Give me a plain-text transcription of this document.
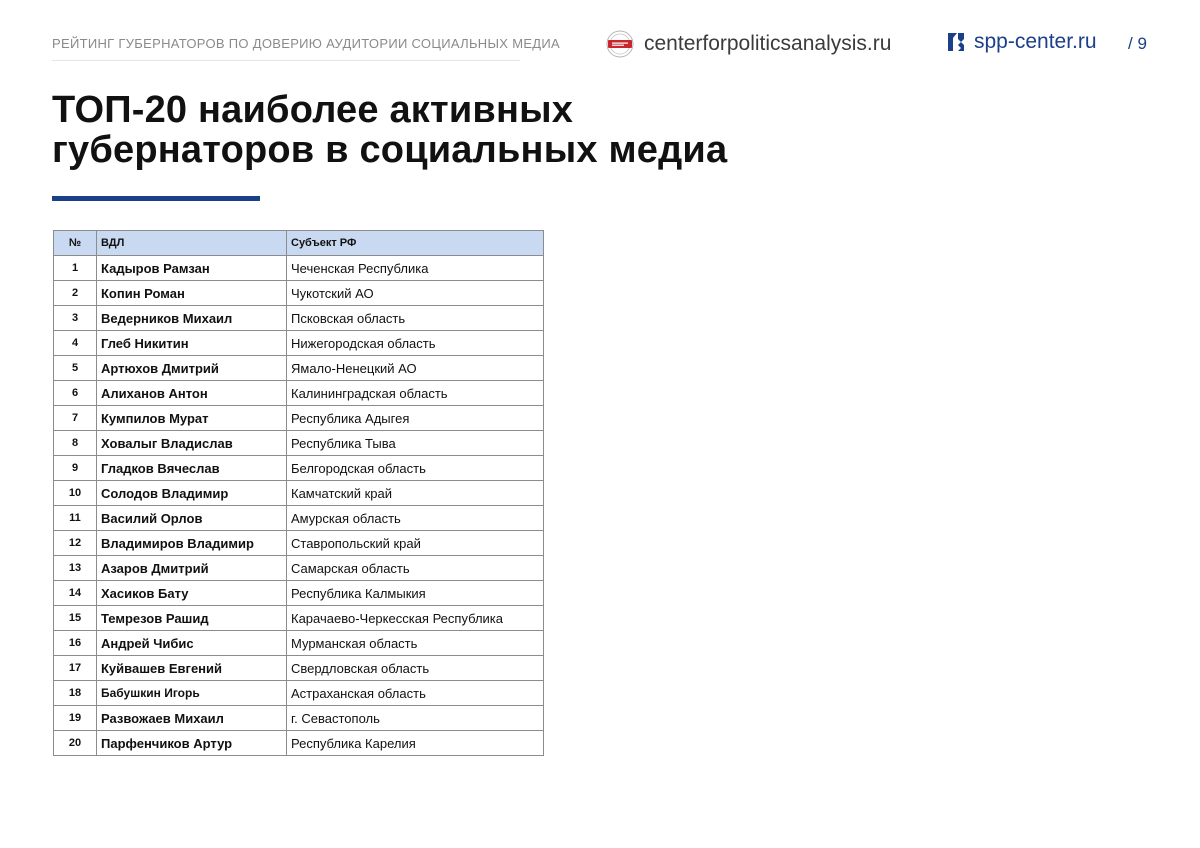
РЕЙТИНГ ГУБЕРНАТОРОВ ПО ДОВЕРИЮ АУДИТОРИИ СОЦИАЛЬНЫХ МЕДИА	centerforpoliticsanalysis.ru	spp-center.ru / 9
ТОП-20 наиболее активных
губернаторов в социальных медиа
№	ВДЛ	Субъект РФ
1	Кадыров Рамзан	Чеченская Республика
2	Копин Роман	Чукотский АО
3	Ведерников Михаил	Псковская область
4	Глеб Никитин	Нижегородская область
5	Артюхов Дмитрий	Ямало-Ненецкий АО
6	Алиханов Антон	Калининградская область
7	Кумпилов Мурат	Республика Адыгея
8	Ховалыг Владислав	Республика Тыва
9	Гладков Вячеслав	Белгородская область
10	Солодов Владимир	Камчатский край
11	Василий Орлов	Амурская область
12	Владимиров Владимир	Ставропольский край
13	Азаров Дмитрий	Самарская область
14	Хасиков Бату	Республика Калмыкия
15	Темрезов Рашид	Карачаево-Черкесская Республика
16	Андрей Чибис	Мурманская область
17	Куйвашев Евгений	Свердловская область
18	Бабушкин Игорь	Астраханская область
19	Развожаев Михаил	г. Севастополь
20	Парфенчиков Артур	Республика Карелия
